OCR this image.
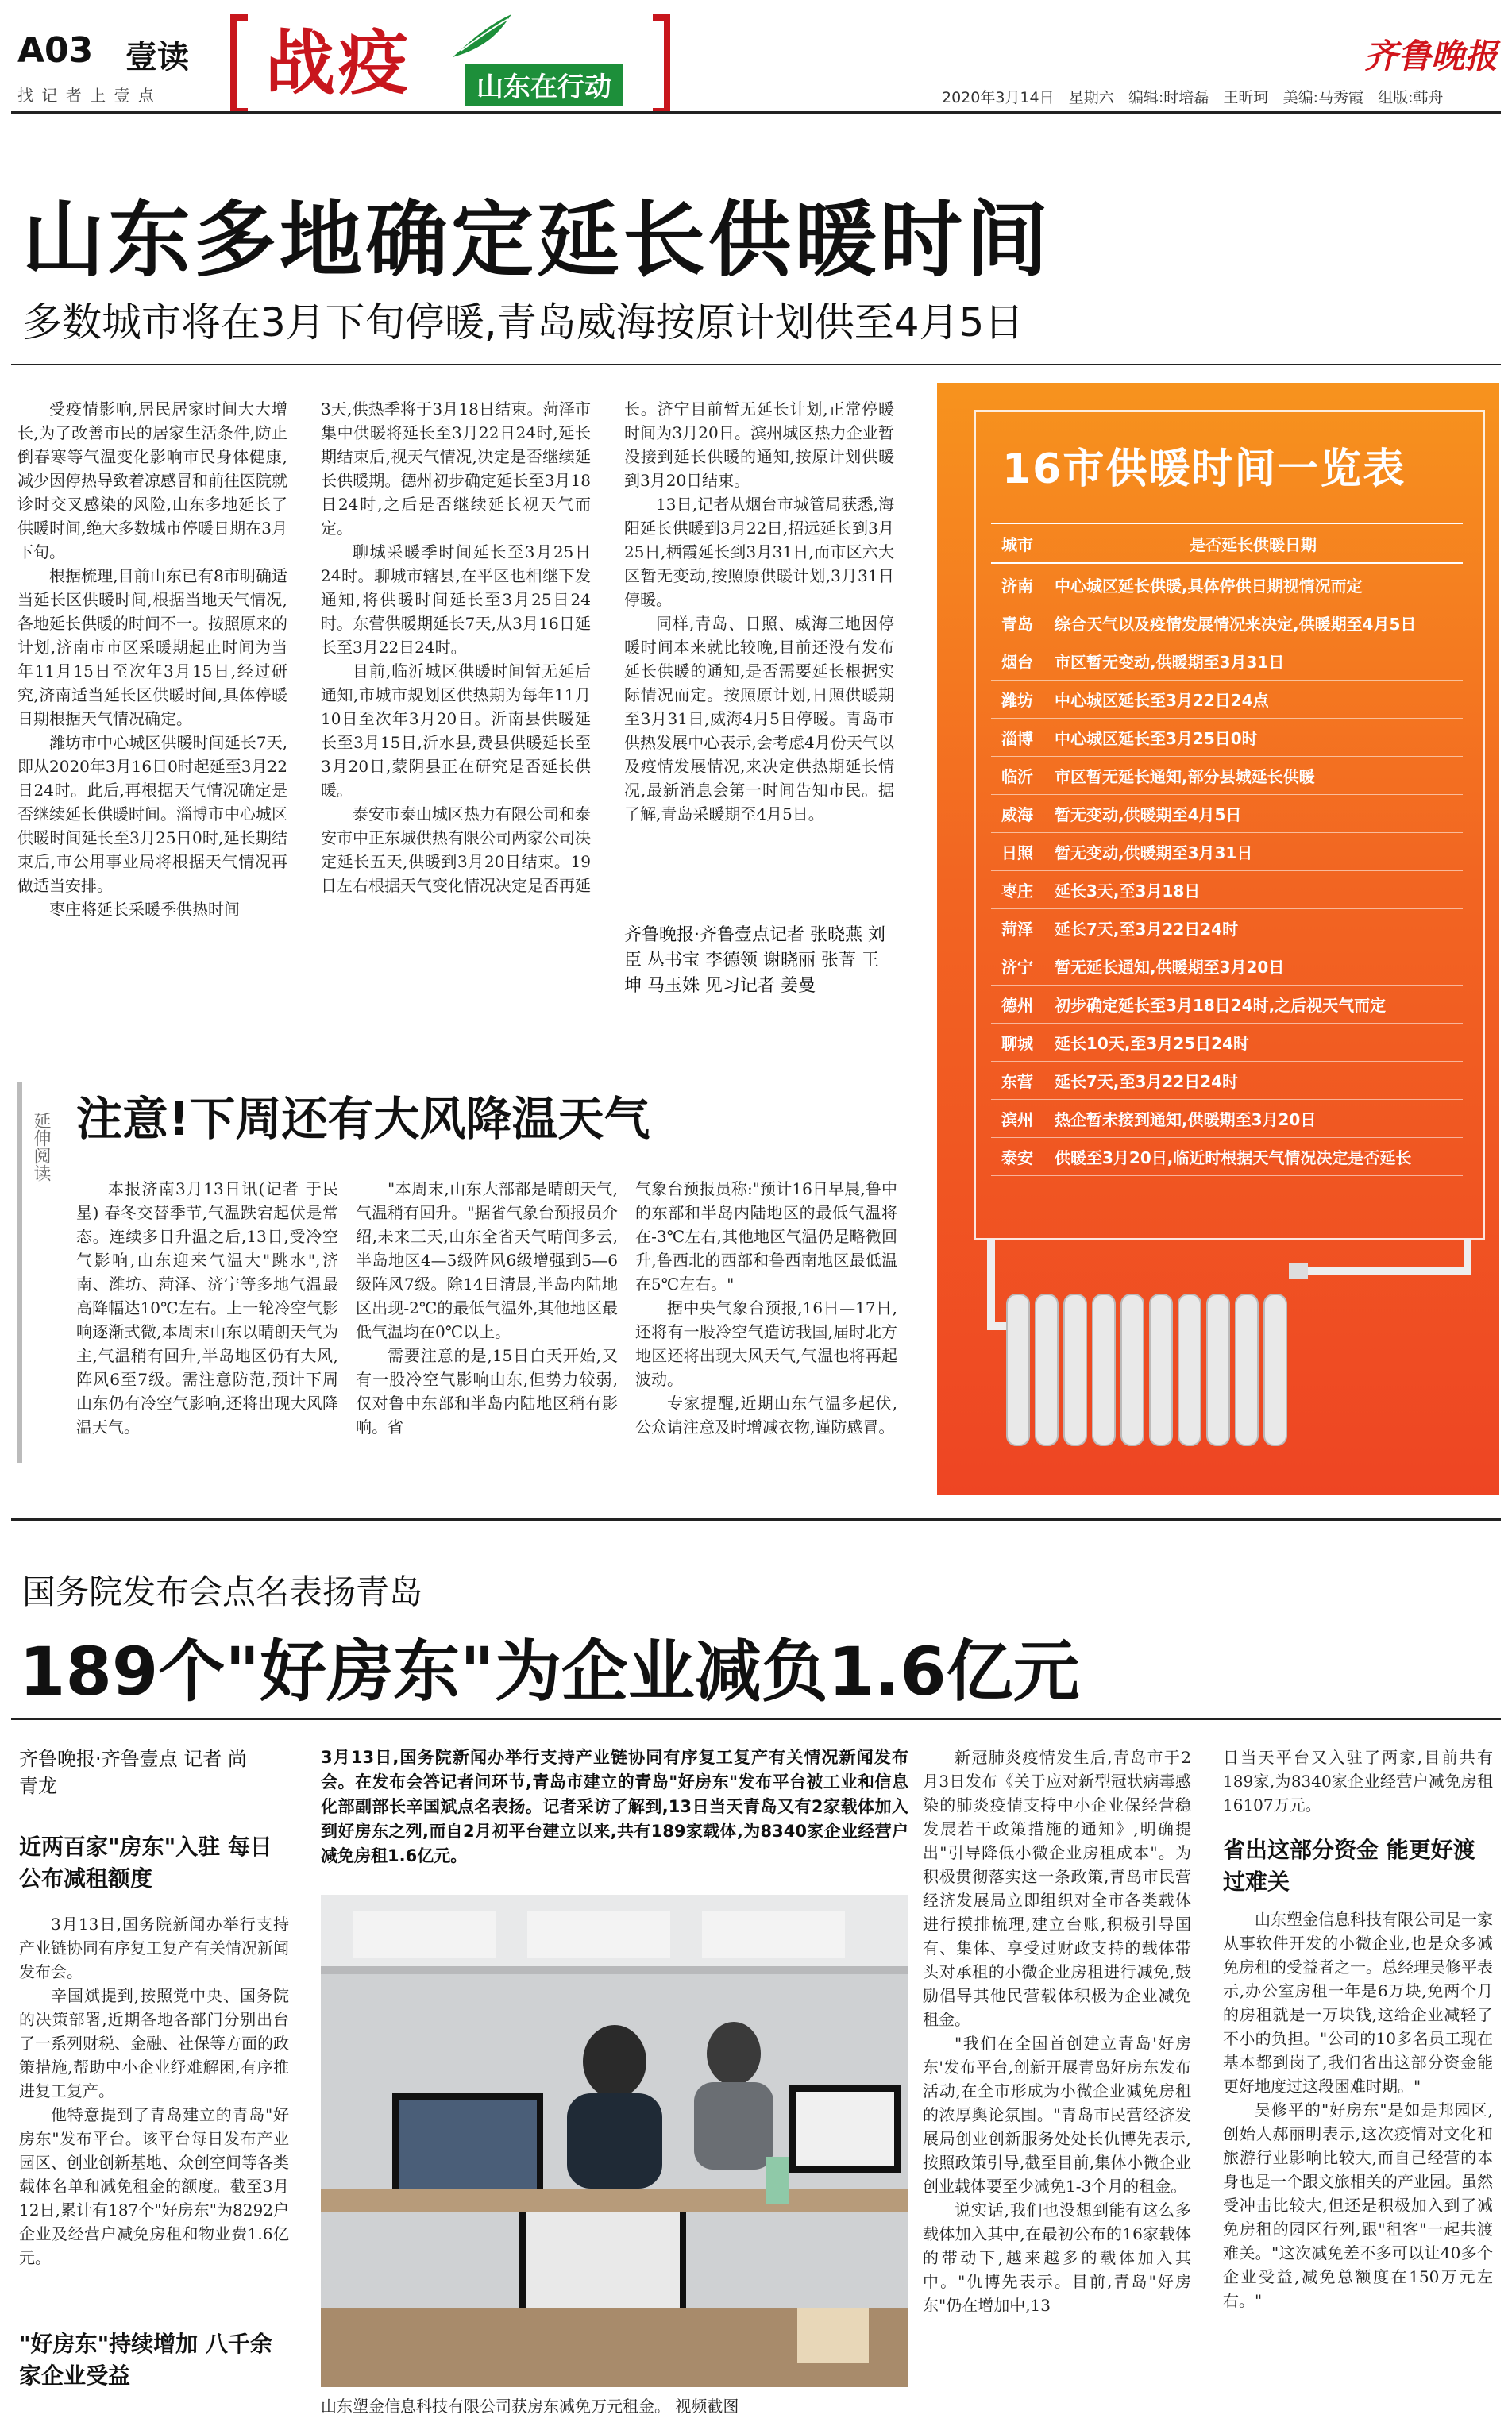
A03 壹读
找 记 者 上 壹 点 战疫	山东在行动
齐鲁晚报
2020年3月14日 星期六 编辑:时培磊 王昕珂 美编:马秀霞 组版:韩舟
山东多地确定延长供暖时间
多数城市将在3月下旬停暖,青岛威海按原计划供至4月5日

受疫情影响,居民居家时间大大增长,为了改善市民的居家生活条件,防止倒春寒等气温变化影响市民身体健康,减少因停热导致着凉感冒和前往医院就诊时交叉感染的风险,山东多地延长了供暖时间,绝大多数城市停暖日期在3月下旬。

根据梳理,目前山东已有8市明确适当延长区供暖时间,根据当地天气情况,各地延长供暖的时间不一。按照原来的计划,济南市市区采暖期起止时间为当年11月15日至次年3月15日,经过研究,济南适当延长区供暖时间,具体停暖日期根据天气情况确定。

潍坊市中心城区供暖时间延长7天,即从2020年3月16日0时起延至3月22日24时。此后,再根据天气情况确定是否继续延长供暖时间。淄博市中心城区供暖时间延长至3月25日0时,延长期结束后,市公用事业局将根据天气情况再做适当安排。

枣庄将延长采暖季供热时间

3天,供热季将于3月18日结束。菏泽市集中供暖将延长至3月22日24时,延长期结束后,视天气情况,决定是否继续延长供暖期。德州初步确定延长至3月18日24时,之后是否继续延长视天气而定。

聊城采暖季时间延长至3月25日24时。聊城市辖县,在平区也相继下发通知,将供暖时间延长至3月25日24时。东营供暖期延长7天,从3月16日延长至3月22日24时。

目前,临沂城区供暖时间暂无延后通知,市城市规划区供热期为每年11月10日至次年3月20日。沂南县供暖延长至3月15日,沂水县,费县供暖延长至3月20日,蒙阴县正在研究是否延长供暖。

泰安市泰山城区热力有限公司和泰安市中正东城供热有限公司两家公司决定延长五天,供暖到3月20日结束。19日左右根据天气变化情况决定是否再延

长。济宁目前暂无延长计划,正常停暖时间为3月20日。滨州城区热力企业暂没接到延长供暖的通知,按原计划供暖到3月20日结束。

13日,记者从烟台市城管局获悉,海阳延长供暖到3月22日,招远延长到3月25日,栖霞延长到3月31日,而市区六大区暂无变动,按照原供暖计划,3月31日停暖。

同样,青岛、日照、威海三地因停暖时间本来就比较晚,目前还没有发布延长供暖的通知,是否需要延长根据实际情况而定。按照原计划,日照供暖期至3月31日,威海4月5日停暖。青岛市供热发展中心表示,会考虑4月份天气以及疫情发展情况,来决定供热期延长情况,最新消息会第一时间告知市民。据了解,青岛采暖期至4月5日。

齐鲁晚报·齐鲁壹点记者 张晓燕 刘臣 丛书宝 李德领 谢晓丽 张菁 王坤 马玉姝 见习记者 姜曼
16市供暖时间一览表
城市	是否延长供暖日期
济南	中心城区延长供暖,具体停供日期视情况而定
青岛	综合天气以及疫情发展情况来决定,供暖期至4月5日
烟台	市区暂无变动,供暖期至3月31日
潍坊	中心城区延长至3月22日24点
淄博	中心城区延长至3月25日0时
临沂	市区暂无延长通知,部分县城延长供暖
威海	暂无变动,供暖期至4月5日
日照	暂无变动,供暖期至3月31日
枣庄	延长3天,至3月18日
菏泽	延长7天,至3月22日24时
济宁	暂无延长通知,供暖期至3月20日
德州	初步确定延长至3月18日24时,之后视天气而定
聊城	延长10天,至3月25日24时
东营	延长7天,至3月22日24时
滨州	热企暂未接到通知,供暖期至3月20日
泰安	供暖至3月20日,临近时根据天气情况决定是否延长
延伸阅读 注意!下周还有大风降温天气

本报济南3月13日讯(记者 于民星) 春冬交替季节,气温跌宕起伏是常态。连续多日升温之后,13日,受冷空气影响,山东迎来气温大"跳水",济南、潍坊、菏泽、济宁等多地气温最高降幅达10℃左右。上一轮冷空气影响逐渐式微,本周末山东以晴朗天气为主,气温稍有回升,半岛地区仍有大风,阵风6至7级。需注意防范,预计下周山东仍有冷空气影响,还将出现大风降温天气。

"本周末,山东大部都是晴朗天气,气温稍有回升。"据省气象台预报员介绍,未来三天,山东全省天气晴间多云,半岛地区4—5级阵风6级增强到5—6级阵风7级。除14日清晨,半岛内陆地区出现-2℃的最低气温外,其他地区最低气温均在0℃以上。

需要注意的是,15日白天开始,又有一股冷空气影响山东,但势力较弱,仅对鲁中东部和半岛内陆地区稍有影响。省

气象台预报员称:"预计16日早晨,鲁中的东部和半岛内陆地区的最低气温将在-3℃左右,其他地区气温仍是略微回升,鲁西北的西部和鲁西南地区最低温在5℃左右。"

据中央气象台预报,16日—17日,还将有一股冷空气造访我国,届时北方地区还将出现大风天气,气温也将再起波动。

专家提醒,近期山东气温多起伏,公众请注意及时增减衣物,谨防感冒。

国务院发布会点名表扬青岛
189个"好房东"为企业减负1.6亿元
齐鲁晚报·齐鲁壹点 记者 尚青龙
近两百家"房东"入驻 每日公布减租额度

3月13日,国务院新闻办举行支持产业链协同有序复工复产有关情况新闻发布会。

辛国斌提到,按照党中央、国务院的决策部署,近期各地各部门分别出台了一系列财税、金融、社保等方面的政策措施,帮助中小企业纾难解困,有序推进复工复产。

他特意提到了青岛建立的青岛"好房东"发布平台。该平台每日发布产业园区、创业创新基地、众创空间等各类载体名单和减免租金的额度。截至3月12日,累计有187个"好房东"为8292户企业及经营户减免房租和物业费1.6亿元。

"好房东"持续增加 八千余家企业受益
3月13日,国务院新闻办举行支持产业链协同有序复工复产有关情况新闻发布会。在发布会答记者问环节,青岛市建立的青岛"好房东"发布平台被工业和信息化部副部长辛国斌点名表扬。记者采访了解到,13日当天青岛又有2家载体加入到好房东之列,而自2月初平台建立以来,共有189家载体,为8340家企业经营户减免房租1.6亿元。
山东塑金信息科技有限公司获房东减免万元租金。 视频截图

新冠肺炎疫情发生后,青岛市于2月3日发布《关于应对新型冠状病毒感染的肺炎疫情支持中小企业保经营稳发展若干政策措施的通知》,明确提出"引导降低小微企业房租成本"。为积极贯彻落实这一条政策,青岛市民营经济发展局立即组织对全市各类载体进行摸排梳理,建立台账,积极引导国有、集体、享受过财政支持的载体带头对承租的小微企业房租进行减免,鼓励倡导其他民营载体积极为企业减免租金。

"我们在全国首创建立青岛'好房东'发布平台,创新开展青岛好房东发布活动,在全市形成为小微企业减免房租的浓厚舆论氛围。"青岛市民营经济发展局创业创新服务处处长仇博先表示,按照政策引导,截至目前,集体小微企业创业载体要至少减免1-3个月的租金。

说实话,我们也没想到能有这么多载体加入其中,在最初公布的16家载体的带动下,越来越多的载体加入其中。"仇博先表示。目前,青岛"好房东"仍在增加中,13

日当天平台又入驻了两家,目前共有189家,为8340家企业经营户减免房租16107万元。

省出这部分资金 能更好渡过难关

山东塑金信息科技有限公司是一家从事软件开发的小微企业,也是众多减免房租的受益者之一。总经理吴修平表示,办公室房租一年是6万块,免两个月的房租就是一万块钱,这给企业减轻了不小的负担。"公司的10多名员工现在基本都到岗了,我们省出这部分资金能更好地度过这段困难时期。"

吴修平的"好房东"是如是邦园区,创始人郝丽明表示,这次疫情对文化和旅游行业影响比较大,而自己经营的本身也是一个跟文旅相关的产业园。虽然受冲击比较大,但还是积极加入到了减免房租的园区行列,跟"租客"一起共渡难关。"这次减免差不多可以让40多个企业受益,减免总额度在150万元左右。"
